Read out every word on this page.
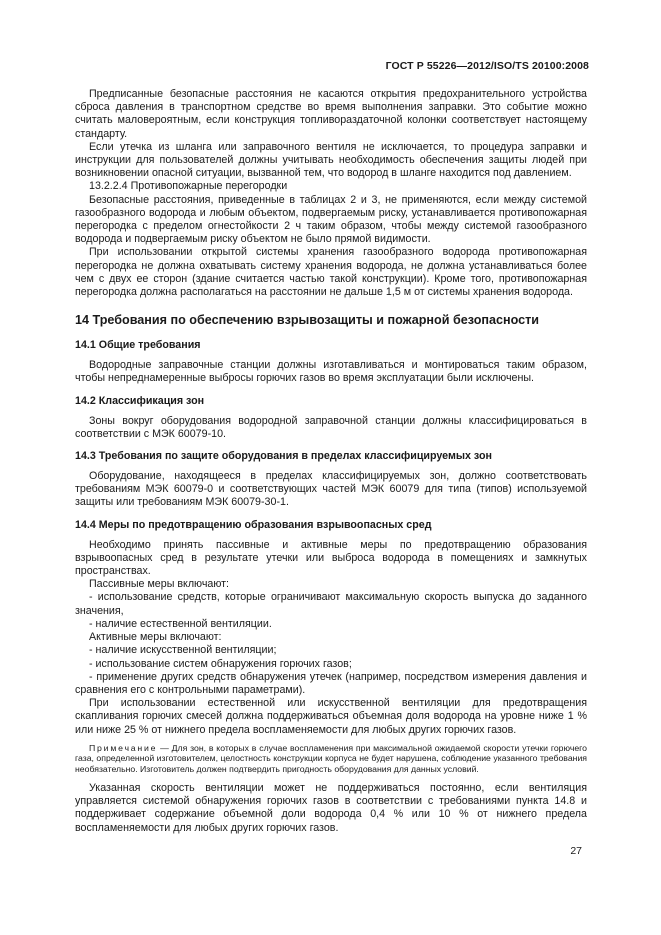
ГОСТ Р 55226—2012/ISO/TS 20100:2008

Предписанные безопасные расстояния не касаются открытия предохранительного устройства сброса давления в транспортном средстве во время выполнения заправки. Это событие можно считать маловероятным, если конструкция топливораздаточной колонки соответствует настоящему стандарту.

Если утечка из шланга или заправочного вентиля не исключается, то процедура заправки и инструкции для пользователей должны учитывать необходимость обеспечения защиты людей при возникновении опасной ситуации, вызванной тем, что водород в шланге находится под давлением.

13.2.2.4 Противопожарные перегородки

Безопасные расстояния, приведенные в таблицах 2 и 3, не применяются, если между системой газообразного водорода и любым объектом, подвергаемым риску, устанавливается противопожарная перегородка с пределом огнестойкости 2 ч таким образом, чтобы между системой газообразного водорода и подвергаемым риску объектом не было прямой видимости.

При использовании открытой системы хранения газообразного водорода противопожарная перегородка не должна охватывать систему хранения водорода, не должна устанавливаться более чем с двух ее сторон (здание считается частью такой конструкции). Кроме того, противопожарная перегородка должна располагаться на расстоянии не дальше 1,5 м от системы хранения водорода.

14 Требования по обеспечению взрывозащиты и пожарной безопасности
14.1 Общие требования

Водородные заправочные станции должны изготавливаться и монтироваться таким образом, чтобы непреднамеренные выбросы горючих газов во время эксплуатации были исключены.

14.2 Классификация зон

Зоны вокруг оборудования водородной заправочной станции должны классифицироваться в соответствии с МЭК 60079-10.

14.3 Требования по защите оборудования в пределах классифицируемых зон

Оборудование, находящееся в пределах классифицируемых зон, должно соответствовать требованиям МЭК 60079-0 и соответствующих частей МЭК 60079 для типа (типов) используемой защиты или требованиям МЭК 60079-30-1.

14.4 Меры по предотвращению образования взрывоопасных сред

Необходимо принять пассивные и активные меры по предотвращению образования взрывоопасных сред в результате утечки или выброса водорода в помещениях и замкнутых пространствах.

Пассивные меры включают:

- использование средств, которые ограничивают максимальную скорость выпуска до заданного значения,

- наличие естественной вентиляции.

Активные меры включают:

- наличие искусственной вентиляции;

- использование систем обнаружения горючих газов;

- применение других средств обнаружения утечек (например, посредством измерения давления и сравнения его с контрольными параметрами).

При использовании естественной или искусственной вентиляции для предотвращения скапливания горючих смесей должна поддерживаться объемная доля водорода на уровне ниже 1 % или ниже 25 % от нижнего предела воспламеняемости для любых других горючих газов.

Примечание — Для зон, в которых в случае воспламенения при максимальной ожидаемой скорости утечки горючего газа, определенной изготовителем, целостность конструкции корпуса не будет нарушена, соблюдение указанного требования необязательно. Изготовитель должен подтвердить пригодность оборудования для данных условий.

Указанная скорость вентиляции может не поддерживаться постоянно, если вентиляция управляется системой обнаружения горючих газов в соответствии с требованиями пункта 14.8 и поддерживает содержание объемной доли водорода 0,4 % или 10 % от нижнего предела воспламеняемости для любых других горючих газов.

27
